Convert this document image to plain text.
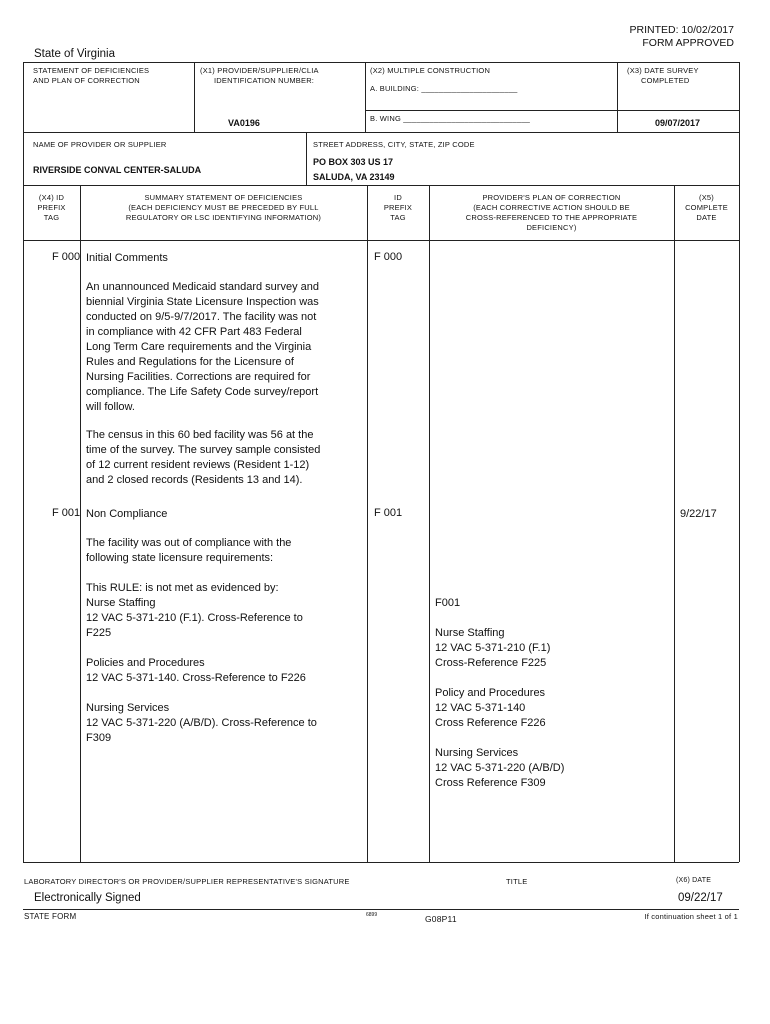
PRINTED: 10/02/2017
FORM APPROVED
State of Virginia
STATEMENT OF DEFICIENCIES
AND PLAN OF CORRECTION
(X1) PROVIDER/SUPPLIER/CLIA
IDENTIFICATION NUMBER:
VA0196
(X2) MULTIPLE CONSTRUCTION
A. BUILDING: ______________________
B. WING _____________________________
(X3) DATE SURVEY
COMPLETED
09/07/2017
NAME OF PROVIDER OR SUPPLIER
RIVERSIDE CONVAL CENTER-SALUDA
STREET ADDRESS, CITY, STATE, ZIP CODE
PO BOX 303 US 17
SALUDA, VA 23149
(X4) ID
PREFIX
TAG
SUMMARY STATEMENT OF DEFICIENCIES
(EACH DEFICIENCY MUST BE PRECEDED BY FULL
REGULATORY OR LSC IDENTIFYING INFORMATION)
ID
PREFIX
TAG
PROVIDER'S PLAN OF CORRECTION
(EACH CORRECTIVE ACTION SHOULD BE
CROSS-REFERENCED TO THE APPROPRIATE
DEFICIENCY)
(X5)
COMPLETE
DATE
F 000 Initial Comments	F 000
An unannounced Medicaid standard survey and
biennial Virginia State Licensure Inspection was
conducted on 9/5-9/7/2017. The facility was not
in compliance with 42 CFR Part 483 Federal
Long Term Care requirements and the Virginia
Rules and Regulations for the Licensure of
Nursing Facilities. Corrections are required for
compliance. The Life Safety Code survey/report
will follow.
The census in this 60 bed facility was 56 at the
time of the survey. The survey sample consisted
of 12 current resident reviews (Resident 1-12)
and 2 closed records (Residents 13 and 14).
F 001 Non Compliance	F 001	9/22/17
The facility was out of compliance with the
following state licensure requirements:
This RULE: is not met as evidenced by:
Nurse Staffing
12 VAC 5-371-210 (F.1). Cross-Reference to
F225

Policies and Procedures
12 VAC 5-371-140. Cross-Reference to F226

Nursing Services
12 VAC 5-371-220 (A/B/D). Cross-Reference to
F309
F001

Nurse Staffing
12 VAC 5-371-210 (F.1)
Cross-Reference F225

Policy and Procedures
12 VAC 5-371-140
Cross Reference F226

Nursing Services
12 VAC 5-371-220 (A/B/D)
Cross Reference F309
LABORATORY DIRECTOR'S OR PROVIDER/SUPPLIER REPRESENTATIVE'S SIGNATURE	TITLE	(X6) DATE
Electronically Signed	09/22/17
STATE FORM	6899	G08P11	If continuation sheet 1 of 1
